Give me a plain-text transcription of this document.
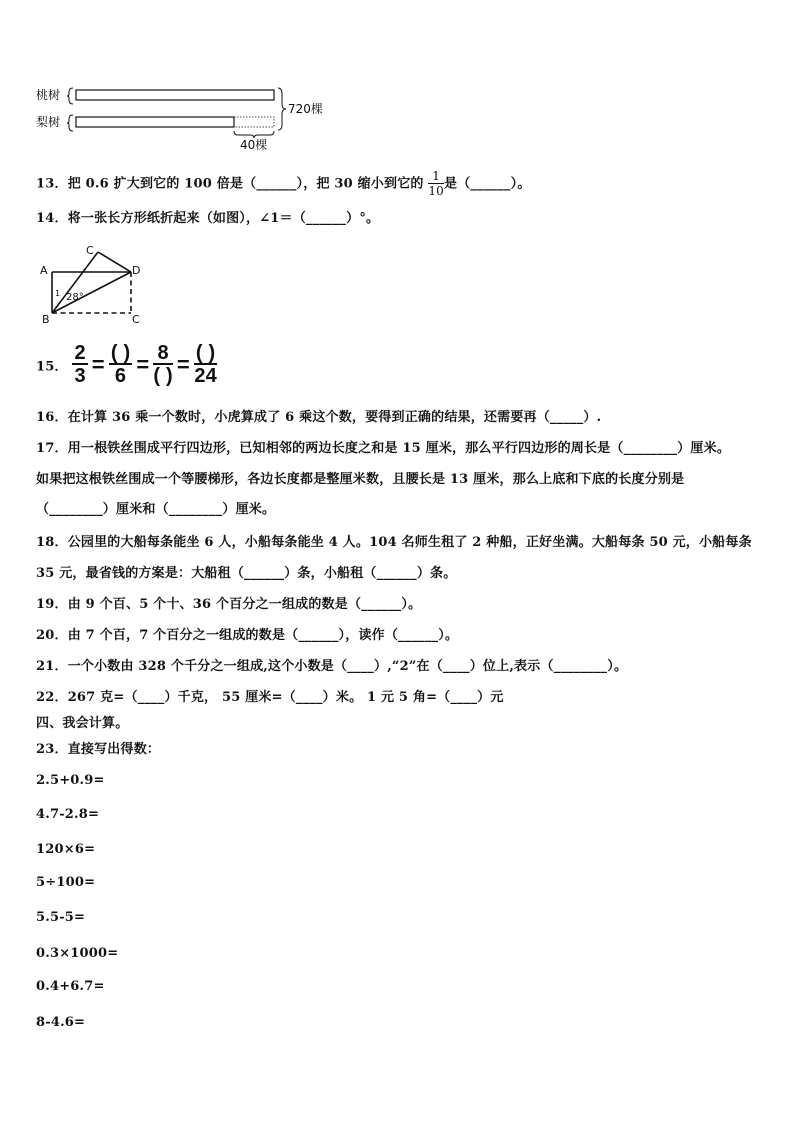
桃树
梨树
40棵
720棵
13．把 0.6 扩大到它的 100 倍是（______），把 30 缩小到它的 $\frac{1}{10}$ 是（______）。
14．将一张长方形纸折起来（如图），∠1＝（______）°。
A
B
C
C
D
1 28°
15． $\frac{2}{3} = \frac{( )}{6} = \frac{8}{( )} = \frac{( )}{24}$
16．在计算 36 乘一个数时，小虎算成了 6 乘这个数，要得到正确的结果，还需要再（_____）.
17．用一根铁丝围成平行四边形，已知相邻的两边长度之和是 15 厘米，那么平行四边形的周长是（________）厘米。
如果把这根铁丝围成一个等腰梯形，各边长度都是整厘米数，且腰长是 13 厘米，那么上底和下底的长度分别是
（________）厘米和（________）厘米。
18．公园里的大船每条能坐 6 人，小船每条能坐 4 人。104 名师生租了 2 种船，正好坐满。大船每条 50 元，小船每条
35 元，最省钱的方案是：大船租（______）条，小船租（______）条。
19．由 9 个百、5 个十、36 个百分之一组成的数是（______）。
20．由 7 个百，7 个百分之一组成的数是（______），读作（______）。
21．一个小数由 328 个千分之一组成,这个小数是（____）,“2”在（____）位上,表示（________）。
22．267 克=（____）千克， 55 厘米=（____）米。 1 元 5 角=（____）元
四、我会计算。
23．直接写出得数：
2.5+0.9=
4.7-2.8=
120×6=
5÷100=
5.5-5=
0.3×1000=
0.4+6.7=
8-4.6=
